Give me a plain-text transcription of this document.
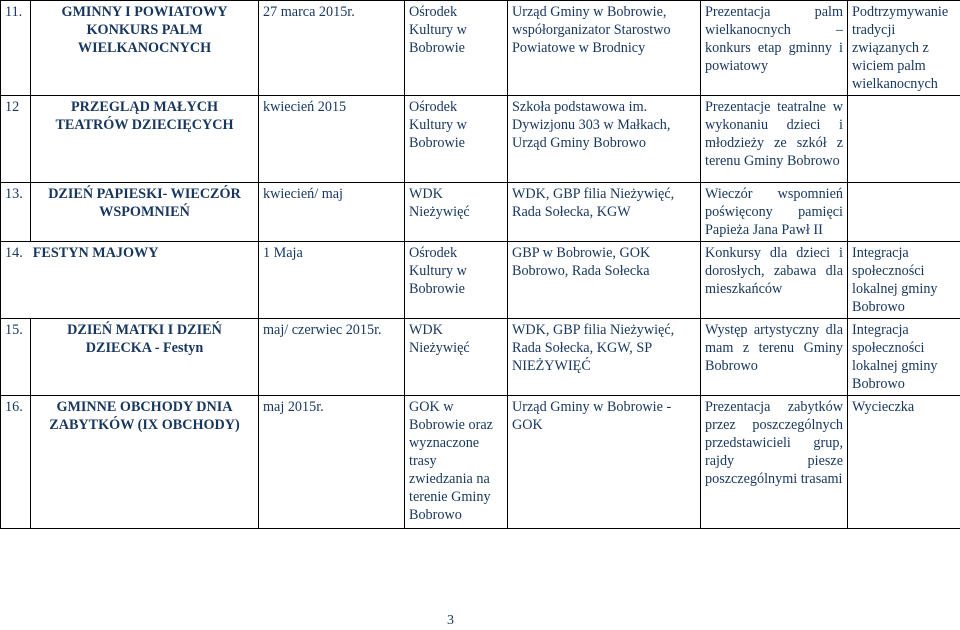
11.	GMINNY I POWIATOWY KONKURS PALM WIELKANOCNYCH	27 marca 2015r.	Ośrodek Kultury w Bobrowie	Urząd Gminy w Bobrowie, współorganizator Starostwo Powiatowe w Brodnicy	Prezentacja palm wielkanocnych – konkurs etap gminny i powiatowy	Podtrzymywanie tradycji związanych z wiciem palm wielkanocnych
12	PRZEGLĄD MAŁYCH TEATRÓW DZIECIĘCYCH	kwiecień 2015	Ośrodek Kultury w Bobrowie	Szkoła podstawowa im. Dywizjonu 303 w Małkach, Urząd Gminy Bobrowo	Prezentacje teatralne w wykonaniu dzieci i młodzieży ze szkół z terenu Gminy Bobrowo	
13.	DZIEŃ PAPIESKI- WIECZÓR WSPOMNIEŃ	kwiecień/ maj	WDK Nieżywięć	WDK, GBP filia Nieżywięć, Rada Sołecka, KGW	Wieczór wspomnień poświęcony pamięci Papieża Jana Pawł II	
14. FESTYN MAJOWY		1 Maja	Ośrodek Kultury w Bobrowie	GBP w Bobrowie, GOK Bobrowo, Rada Sołecka	Konkursy dla dzieci i dorosłych, zabawa dla mieszkańców	Integracja społeczności lokalnej gminy Bobrowo
15.	DZIEŃ MATKI I DZIEŃ DZIECKA - Festyn	maj/ czerwiec 2015r.	WDK Nieżywięć	WDK, GBP filia Nieżywięć, Rada Sołecka, KGW, SP NIEŻYWIĘĆ	Występ artystyczny dla mam z terenu Gminy Bobrowo	Integracja społeczności lokalnej gminy Bobrowo
16.	GMINNE OBCHODY DNIA ZABYTKÓW (IX OBCHODY)	maj 2015r.	GOK w Bobrowie oraz wyznaczone trasy zwiedzania na terenie Gminy Bobrowo	Urząd Gminy w Bobrowie - GOK	Prezentacja zabytków przez poszczególnych przedstawicieli grup, rajdy piesze poszczególnymi trasami	Wycieczka
3
